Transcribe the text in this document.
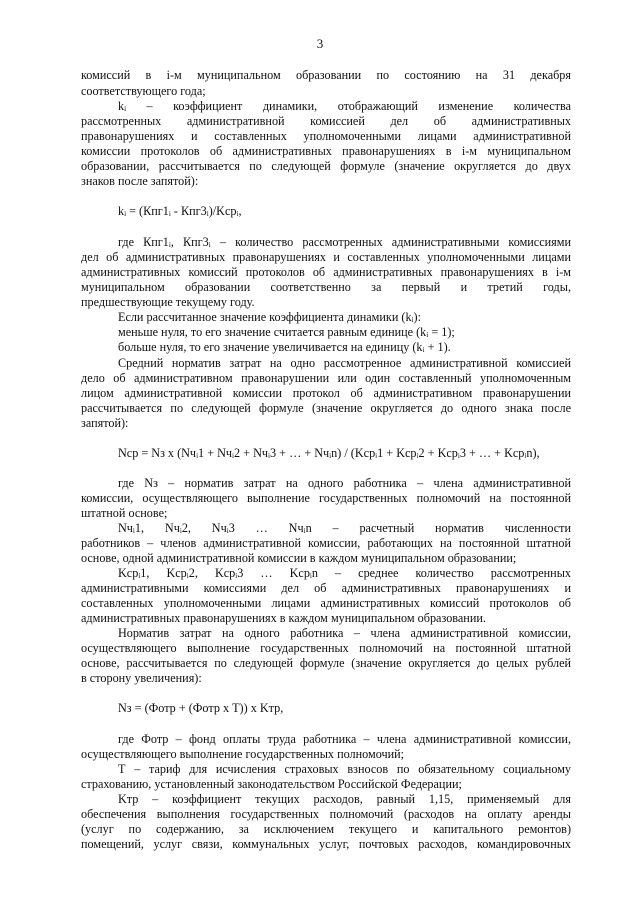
3
комиссий в i-м муниципальном образовании по состоянию на 31 декабря
соответствующего года;
kᵢ – коэффициент динамики, отображающий изменение количества
рассмотренных административной комиссией дел об административных
правонарушениях и составленных уполномоченными лицами административной
комиссии протоколов об административных правонарушениях в i-м муниципальном
образовании, рассчитывается по следующей формуле (значение округляется до двух
знаков после запятой):
kᵢ = (Кпг1ᵢ - Кпг3ᵢ)/Kсрᵢ,
где Кпг1ᵢ, Кпг3ᵢ – количество рассмотренных административными комиссиями
дел об административных правонарушениях и составленных уполномоченными лицами
административных комиссий протоколов об административных правонарушениях в i-м
муниципальном образовании соответственно за первый и третий годы,
предшествующие текущему году.
Если рассчитанное значение коэффициента динамики (kᵢ):
меньше нуля, то его значение считается равным единице (kᵢ = 1);
больше нуля, то его значение увеличивается на единицу (kᵢ + 1).
Средний норматив затрат на одно рассмотренное административной комиссией
дело об административном правонарушении или один составленный уполномоченным
лицом административной комиссии протокол об административном правонарушении
рассчитывается по следующей формуле (значение округляется до одного знака после
запятой):
Nср = Nз х (Nчᵢ1 + Nчᵢ2 + Nчᵢ3 + … + Nчᵢn) / (Kсрᵢ1 + Kсрᵢ2 + Kсрᵢ3 + … + Kсрᵢn),
где Nз – норматив затрат на одного работника – члена административной
комиссии, осуществляющего выполнение государственных полномочий на постоянной
штатной основе;
Nчᵢ1, Nчᵢ2, Nчᵢ3 … Nчᵢn – расчетный норматив численности
работников – членов административной комиссии, работающих на постоянной штатной
основе, одной административной комиссии в каждом муниципальном образовании;
Kсрᵢ1, Kсрᵢ2, Kсрᵢ3 … Kсрᵢn – среднее количество рассмотренных
административными комиссиями дел об административных правонарушениях и
составленных уполномоченными лицами административных комиссий протоколов об
административных правонарушениях в каждом муниципальном образовании.
Норматив затрат на одного работника – члена административной комиссии,
осуществляющего выполнение государственных полномочий на постоянной штатной
основе, рассчитывается по следующей формуле (значение округляется до целых рублей
в сторону увеличения):
Nз = (Фотр + (Фотр х Т)) х Kтр,
где Фотр – фонд оплаты труда работника – члена административной комиссии,
осуществляющего выполнение государственных полномочий;
Т – тариф для исчисления страховых взносов по обязательному социальному
страхованию, установленный законодательством Российской Федерации;
Kтр – коэффициент текущих расходов, равный 1,15, применяемый для
обеспечения выполнения государственных полномочий (расходов на оплату аренды
(услуг по содержанию, за исключением текущего и капитального ремонтов)
помещений, услуг связи, коммунальных услуг, почтовых расходов, командировочных
